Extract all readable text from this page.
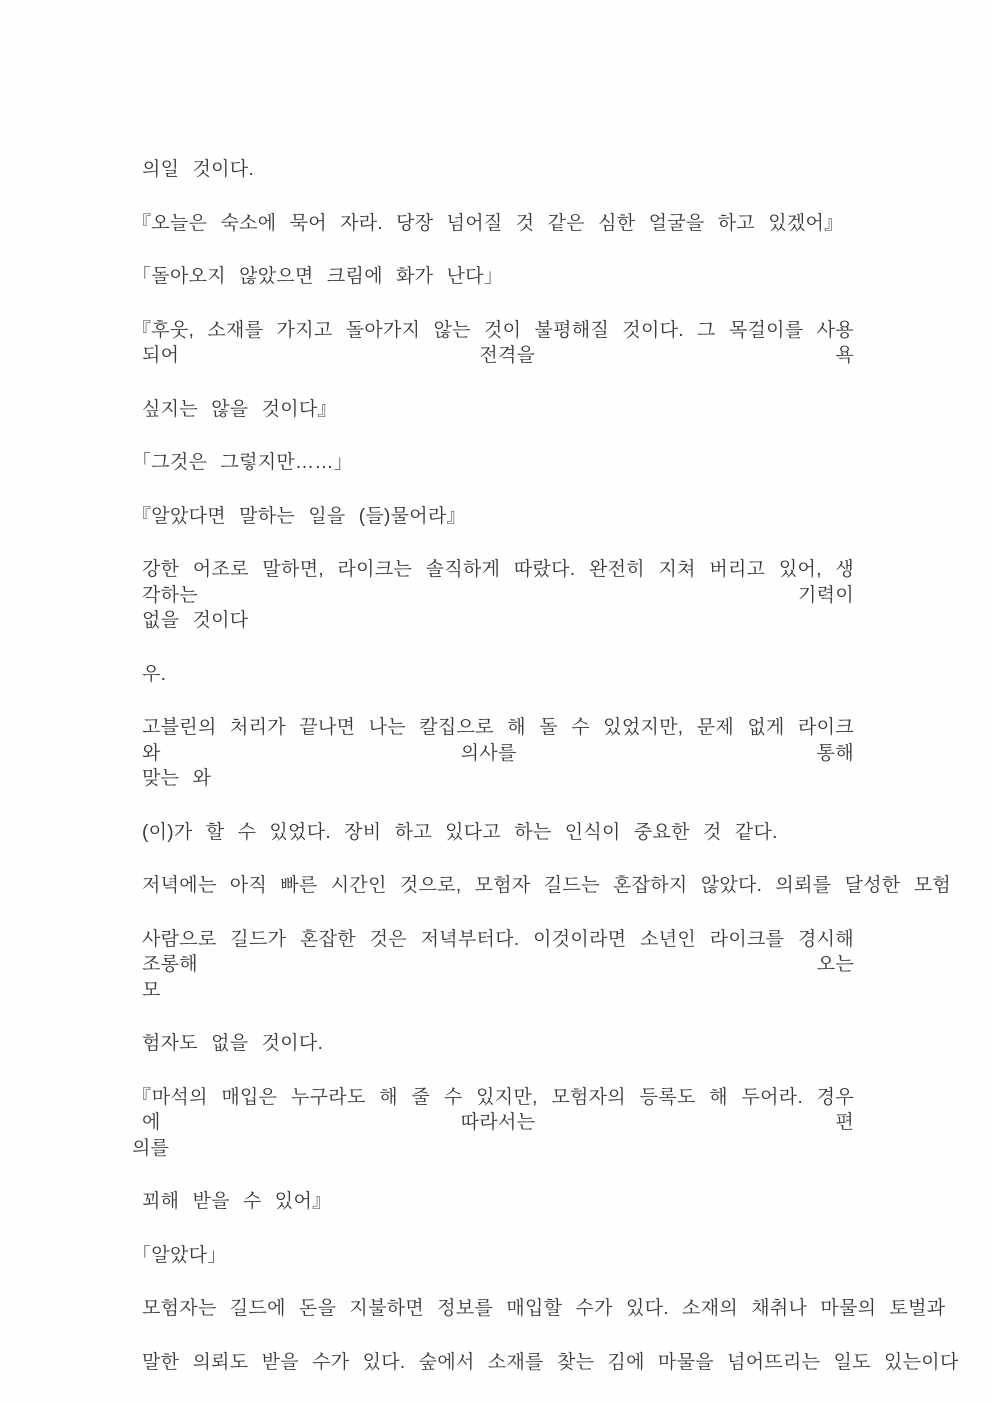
의일 것이다.
『오늘은 숙소에 묵어 자라. 당장 넘어질 것 같은 심한 얼굴을 하고 있겠어』
「돌아오지 않았으면 크림에 화가 난다」
『후웃, 소재를 가지고 돌아가지 않는 것이 불평해질 것이다. 그 목걸이를 사용되어 전격을 욕
싶지는 않을 것이다』
「그것은 그렇지만……」
『알았다면 말하는 일을 (들)물어라』
강한 어조로 말하면, 라이크는 솔직하게 따랐다. 완전히 지쳐 버리고 있어, 생각하는 기력이
없을 것이다
우.
고블린의 처리가 끝나면 나는 칼집으로 해 돌 수 있었지만, 문제 없게 라이크와 의사를 통해
맞는 와
(이)가 할 수 있었다. 장비 하고 있다고 하는 인식이 중요한 것 같다.
저녁에는 아직 빠른 시간인 것으로, 모험자 길드는 혼잡하지 않았다. 의뢰를 달성한 모험
사람으로 길드가 혼잡한 것은 저녁부터다. 이것이라면 소년인 라이크를 경시해 조롱해 오는
모
험자도 없을 것이다.
『마석의 매입은 누구라도 해 줄 수 있지만, 모험자의 등록도 해 두어라. 경우에 따라서는 편
의를
꾀해 받을 수 있어』
「알았다」
모험자는 길드에 돈을 지불하면 정보를 매입할 수가 있다. 소재의 채취나 마물의 토벌과
말한 의뢰도 받을 수가 있다. 숲에서 소재를 찾는 김에 마물을 넘어뜨리는 일도 있는이다
